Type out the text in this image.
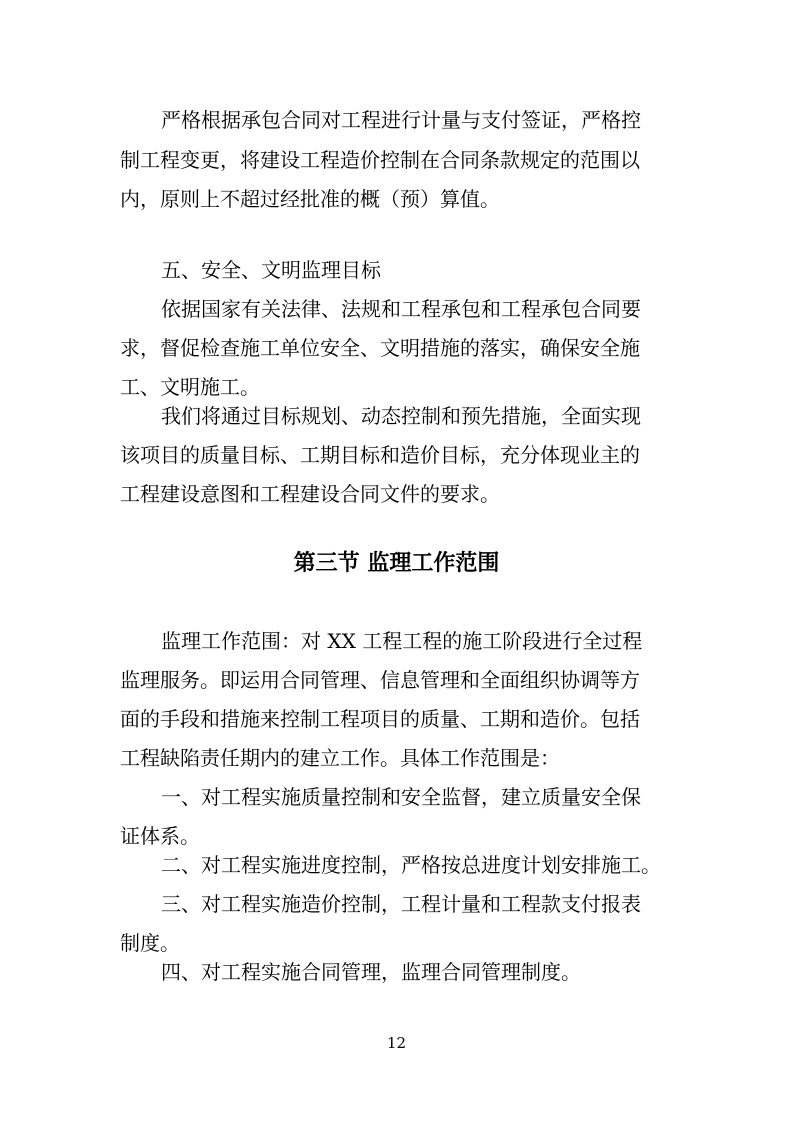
严格根据承包合同对工程进行计量与支付签证，严格控
制工程变更，将建设工程造价控制在合同条款规定的范围以
内，原则上不超过经批准的概（预）算值。
五、安全、文明监理目标
依据国家有关法律、法规和工程承包和工程承包合同要
求，督促检查施工单位安全、文明措施的落实，确保安全施
工、文明施工。
我们将通过目标规划、动态控制和预先措施，全面实现
该项目的质量目标、工期目标和造价目标，充分体现业主的
工程建设意图和工程建设合同文件的要求。
第三节 监理工作范围
监理工作范围：对 XX 工程工程的施工阶段进行全过程
监理服务。即运用合同管理、信息管理和全面组织协调等方
面的手段和措施来控制工程项目的质量、工期和造价。包括
工程缺陷责任期内的建立工作。具体工作范围是：
一、对工程实施质量控制和安全监督，建立质量安全保
证体系。
二、对工程实施进度控制，严格按总进度计划安排施工。
三、对工程实施造价控制，工程计量和工程款支付报表
制度。
四、对工程实施合同管理，监理合同管理制度。
12
